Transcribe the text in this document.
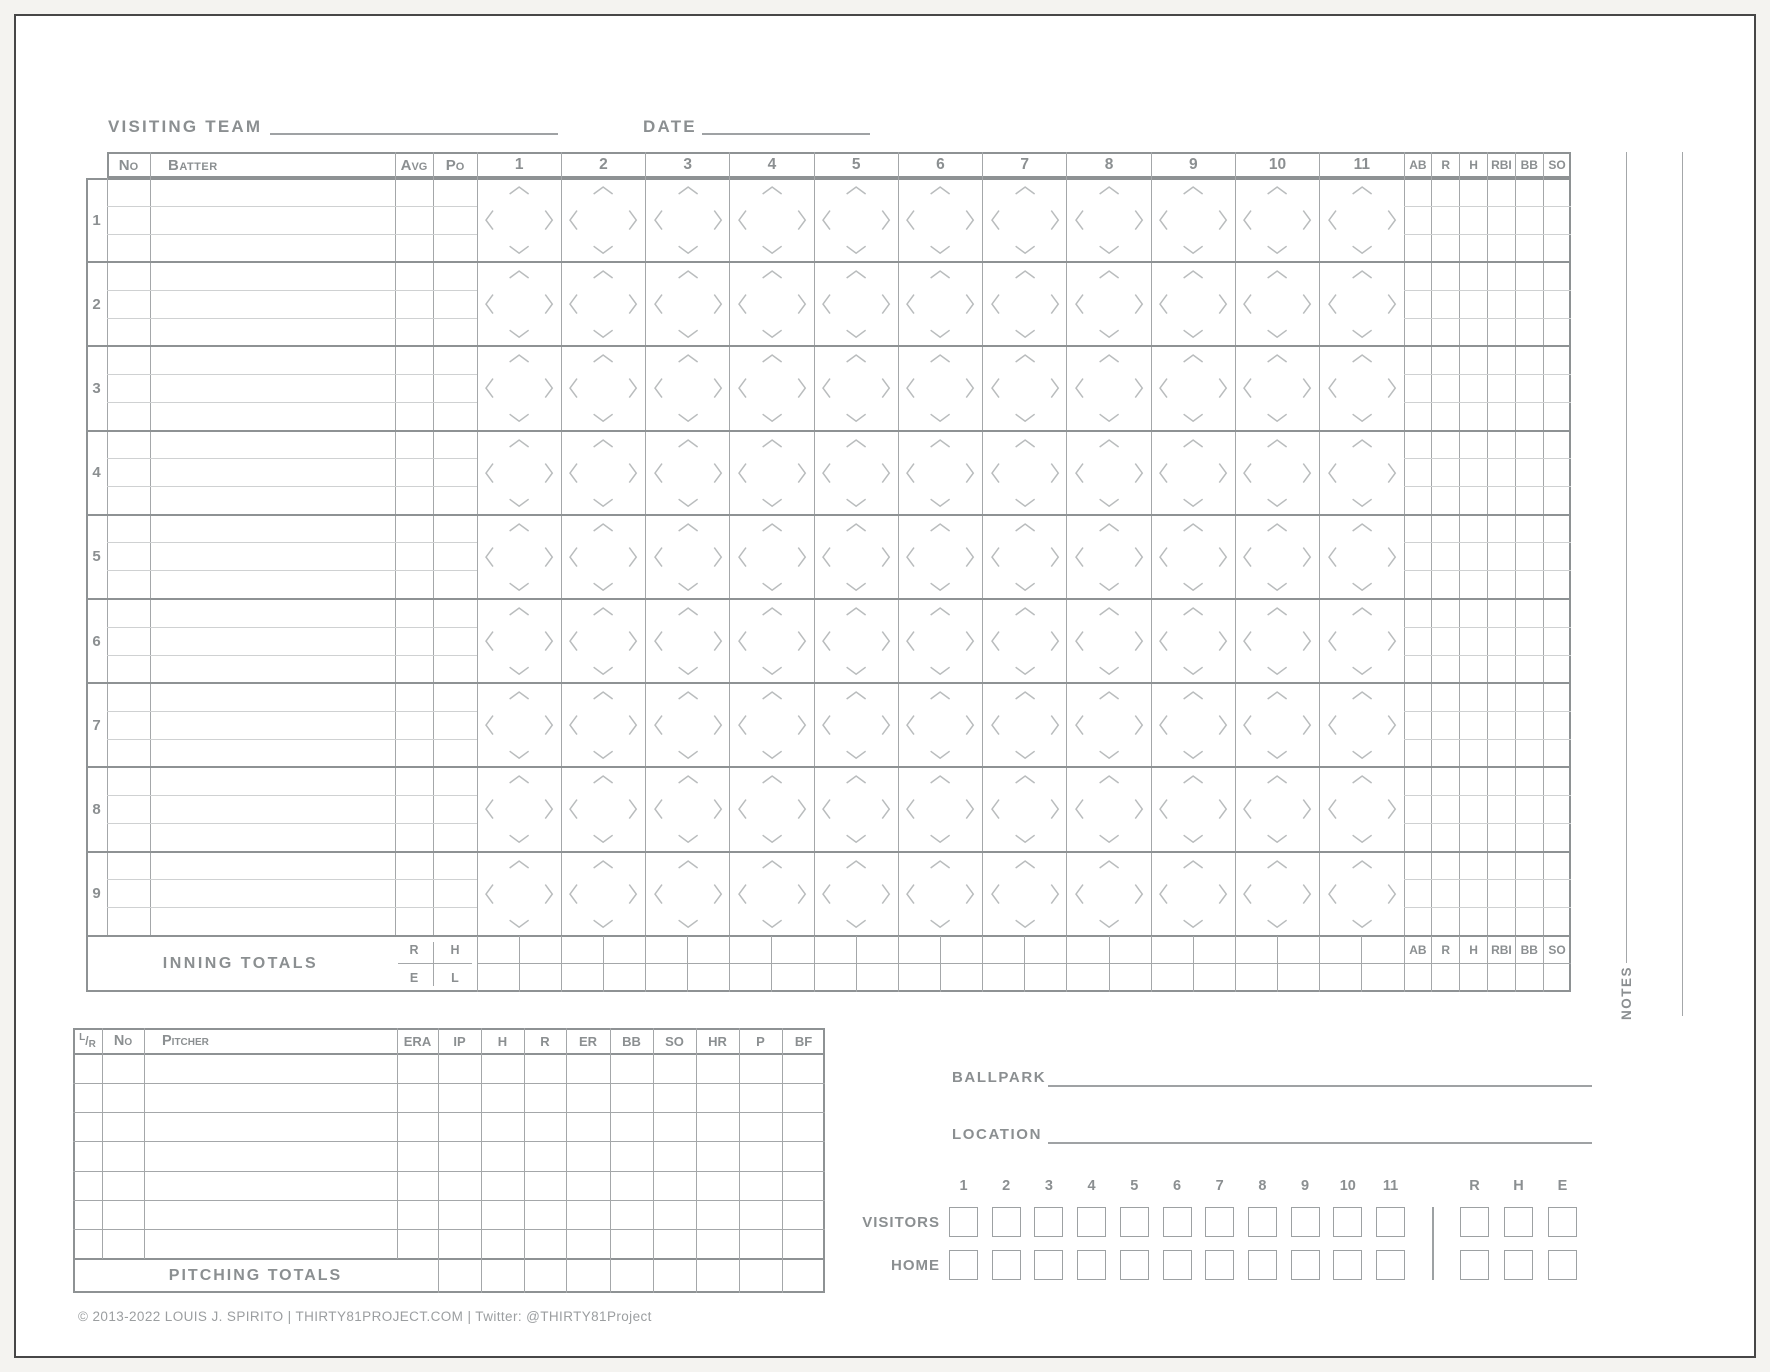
VISITING TEAM	DATE
BALLPARK
LOCATION
© 2013-2022 LOUIS J. SPIRITO | THIRTY81PROJECT.COM | Twitter: @THIRTY81Project
NOTES
No	Batter	Avg	Po	1	2	3	4	5	6	7	8	9	10	11	AB	R	H	RBI BB SO
1
2
3
4
5
6
7
8
9
INNING TOTALS
R	H
E	L
AB	R	H	RBI BB SO
L / R	No	Pitcher	ERA	IP	H	R	ER	BB	SO	HR	P	BF
PITCHING TOTALS
1	2	3	4	5	6	7	8	9	10	11	R	H	E
VISITORS
HOME
